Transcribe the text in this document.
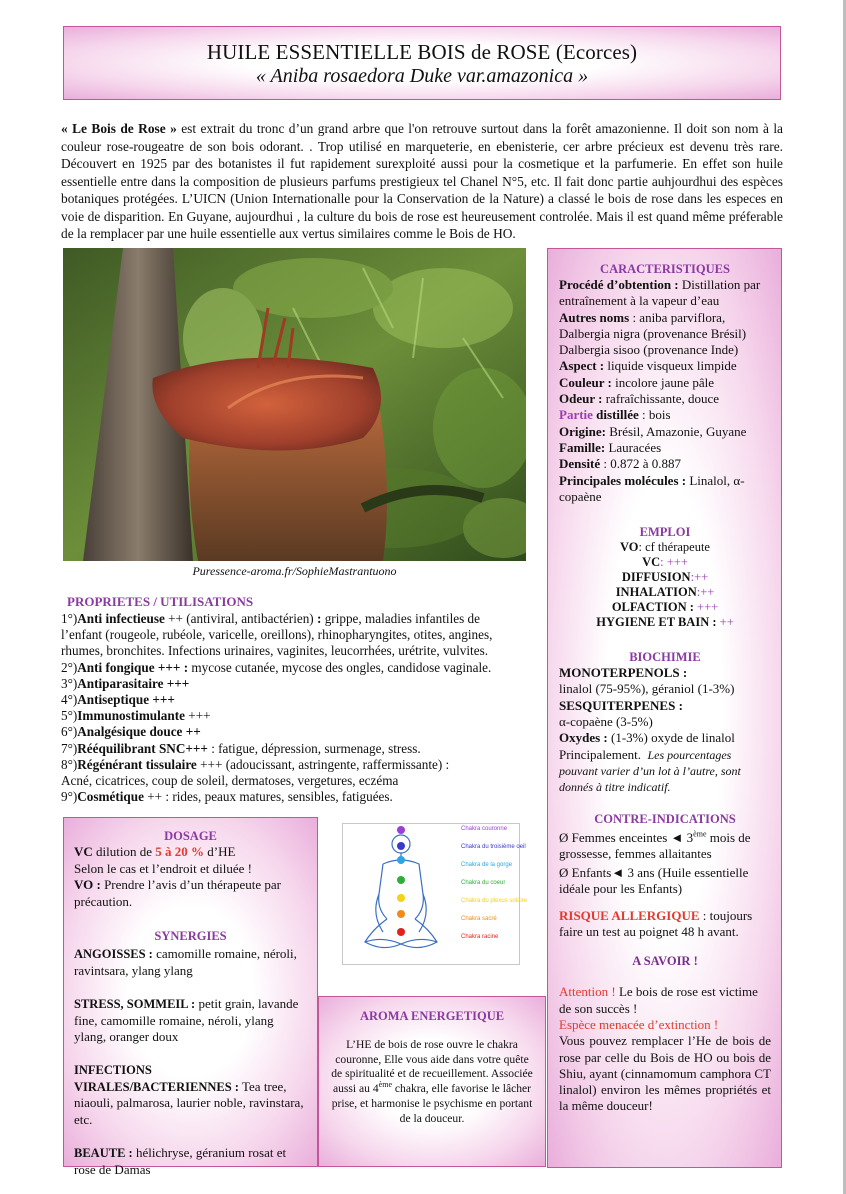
HUILE ESSENTIELLE BOIS de ROSE (Ecorces)
« Aniba rosaedora Duke var.amazonica »

« Le Bois de Rose » est extrait du tronc d’un grand arbre que l'on retrouve surtout dans la forêt amazonienne. Il doit son nom à la couleur rose-rougeatre de son bois odorant. . Trop utilisé en marqueterie, en ebenisterie, cer arbre précieux est devenu très rare. Découvert en 1925 par des botanistes il fut rapidement surexploité aussi pour la cosmetique et la parfumerie. En effet son huile essentielle entre dans la composition de plusieurs parfums prestigieux tel Chanel N°5, etc. Il fait donc partie auhjourdhui des espèces botaniques protégées. L’UICN (Union Internationalle pour la Conservation de la Nature) a classé le bois de rose dans les especes en voie de disparition. En Guyane, aujourdhui , la culture du bois de rose est heureusement controlée. Mais il est quand même préferable de la remplacer par une huile essentielle aux vertus similaires comme le Bois de HO.

Puressence-aroma.fr/SophieMastrantuono
PROPRIETES / UTILISATIONS
1°)Anti infectieuse ++ (antiviral, antibactérien) : grippe, maladies infantiles de
l’enfant (rougeole, rubéole, varicelle, oreillons), rhinopharyngites, otites, angines,
rhumes, bronchites. Infections urinaires, vaginites, leucorrhées, urétrite, vulvites.
2°)Anti fongique +++ : mycose cutanée, mycose des ongles, candidose vaginale.
3°)Antiparasitaire +++
4°)Antiseptique +++
5°)Immunostimulante +++
6°)Analgésique douce ++
7°)Rééquilibrant SNC+++ : fatigue, dépression, surmenage, stress.
8°)Régénérant tissulaire +++ (adoucissant, astringente, raffermissante) :
Acné, cicatrices, coup de soleil, dermatoses, vergetures, eczéma
9°)Cosmétique ++ : rides, peaux matures, sensibles, fatiguées.
CARACTERISTIQUES
Procédé d’obtention : Distillation par entraînement à la vapeur d’eau
Autres noms : aniba parviflora, Dalbergia nigra (provenance Brésil) Dalbergia sisoo (provenance Inde)
Aspect : liquide visqueux limpide
Couleur : incolore jaune pâle
Odeur : rafraîchissante, douce
Partie distillée : bois
Origine: Brésil, Amazonie, Guyane
Famille: Lauracées
Densité : 0.872 à 0.887
Principales molécules : Linalol, α-copaène
EMPLOI
VO: cf thérapeute
VC: +++
DIFFUSION:++
INHALATION:++
OLFACTION : +++
HYGIENE ET BAIN : ++
BIOCHIMIE
MONOTERPENOLS :
linalol (75-95%), géraniol (1-3%)
SESQUITERPENES :
α-copaène (3-5%)
Oxydes : (1-3%) oxyde de linalol
Principalement. Les pourcentages pouvant varier d’un lot à l’autre, sont donnés à titre indicatif.
CONTRE-INDICATIONS
Ø Femmes enceintes ◄ 3ème mois de grossesse, femmes allaitantes
Ø Enfants◄ 3 ans (Huile essentielle idéale pour les Enfants)
RISQUE ALLERGIQUE : toujours faire un test au poignet 48 h avant.
A SAVOIR !
Attention ! Le bois de rose est victime de son succès !
Espèce menacée d’extinction !
Vous pouvez remplacer l’He de bois de rose par celle du Bois de HO ou bois de Shiu, ayant (cinnamomum camphora CT linalol) environ les mêmes propriétés et la même douceur!
DOSAGE
VC dilution de 5 à 20 % d’HE
Selon le cas et l’endroit et diluée !
VO : Prendre l’avis d’un thérapeute par précaution.
SYNERGIES
ANGOISSES : camomille romaine, néroli, ravintsara, ylang ylang
STRESS, SOMMEIL : petit grain, lavande fine, camomille romaine, néroli, ylang ylang, oranger doux
INFECTIONS VIRALES/BACTERIENNES : Tea tree, niaouli, palmarosa, laurier noble, ravinstara, etc.
BEAUTE : hélichryse, géranium rosat et rose de Damas
Chakra couronne
Chakra du troisième oeil
Chakra de la gorge
Chakra du coeur
Chakra du plexus solaire
Chakra sacré
Chakra racine
AROMA ENERGETIQUE
L’HE de bois de rose ouvre le chakra couronne, Elle vous aide dans votre quête de spiritualité et de recueillement. Associée aussi au 4ème chakra, elle favorise le lâcher prise, et harmonise le psychisme en portant de la douceur.
